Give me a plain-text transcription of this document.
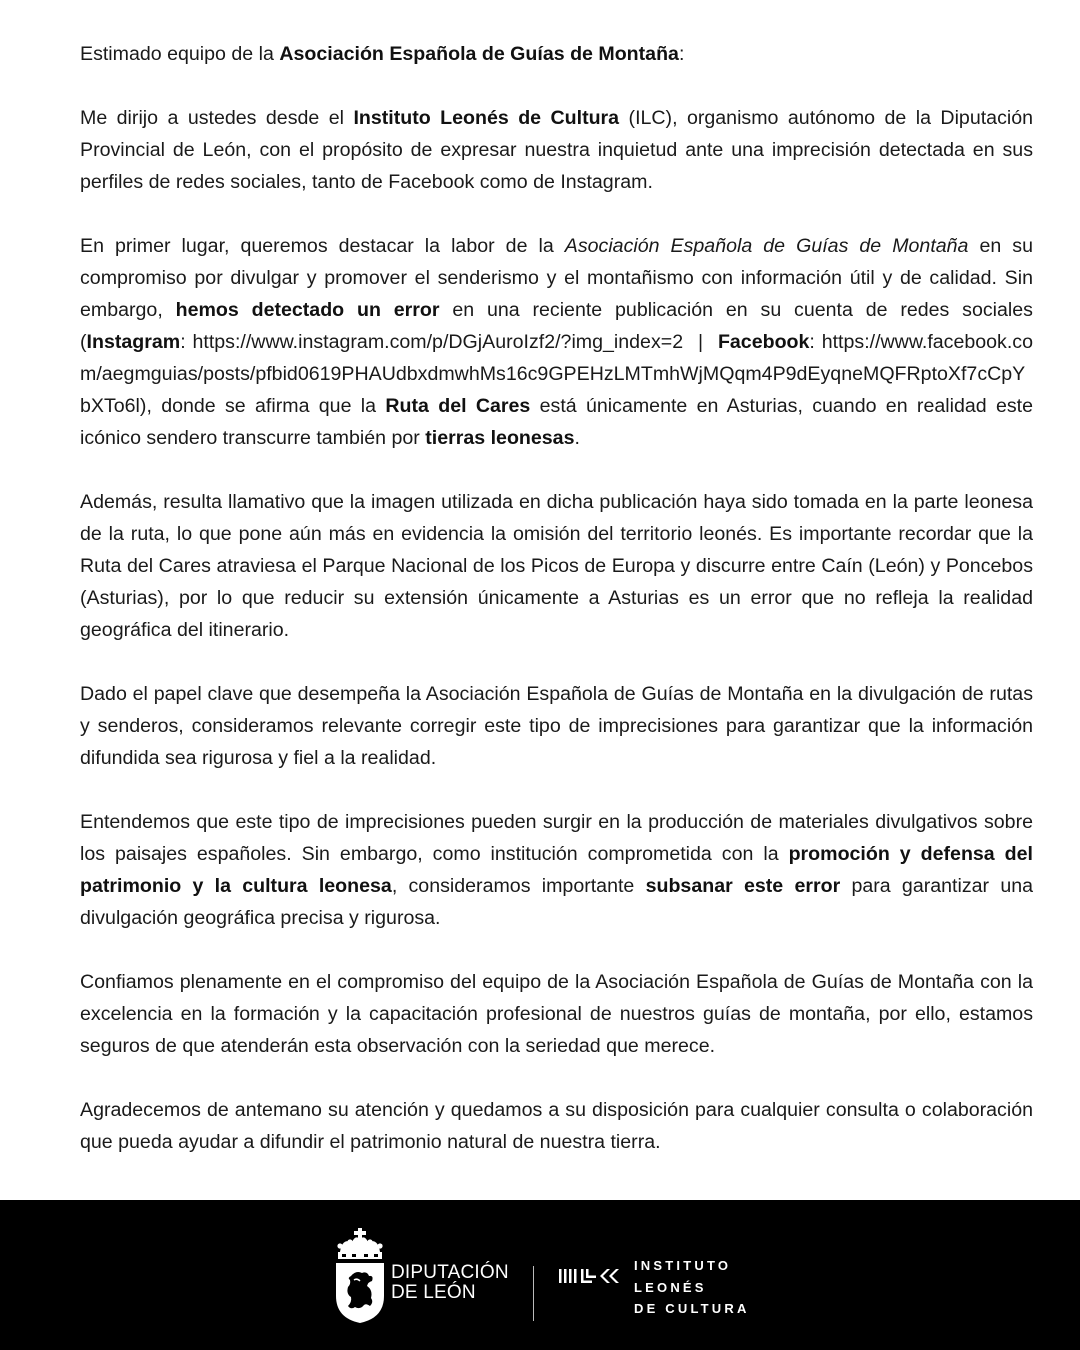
Estimado equipo de la Asociación Española de Guías de Montaña:

Me dirijo a ustedes desde el Instituto Leonés de Cultura (ILC), organismo autónomo de la Diputación Provincial de León, con el propósito de expresar nuestra inquietud ante una imprecisión detectada en sus perfiles de redes sociales, tanto de Facebook como de Instagram.

En primer lugar, queremos destacar la labor de la Asociación Española de Guías de Montaña en su compromiso por divulgar y promover el senderismo y el montañismo con información útil y de calidad. Sin embargo, hemos detectado un error en una reciente publicación en su cuenta de redes sociales (Instagram: https://www.instagram.com/p/DGjAuroIzf2/?img_index=2 | Facebook: https://www.facebook.com/aegmguias/posts/pfbid0619PHAUdbxdmwhMs16c9GPEHzLMTmhWjMQqm4P9dEyqneMQFRptoXf7cCpYbXTo6l), donde se afirma que la Ruta del Cares está únicamente en Asturias, cuando en realidad este icónico sendero transcurre también por tierras leonesas.

Además, resulta llamativo que la imagen utilizada en dicha publicación haya sido tomada en la parte leonesa de la ruta, lo que pone aún más en evidencia la omisión del territorio leonés. Es importante recordar que la Ruta del Cares atraviesa el Parque Nacional de los Picos de Europa y discurre entre Caín (León) y Poncebos (Asturias), por lo que reducir su extensión únicamente a Asturias es un error que no refleja la realidad geográfica del itinerario.

Dado el papel clave que desempeña la Asociación Española de Guías de Montaña en la divulgación de rutas y senderos, consideramos relevante corregir este tipo de imprecisiones para garantizar que la información difundida sea rigurosa y fiel a la realidad.

Entendemos que este tipo de imprecisiones pueden surgir en la producción de materiales divulgativos sobre los paisajes españoles. Sin embargo, como institución comprometida con la promoción y defensa del patrimonio y la cultura leonesa, consideramos importante subsanar este error para garantizar una divulgación geográfica precisa y rigurosa.

Confiamos plenamente en el compromiso del equipo de la Asociación Española de Guías de Montaña con la excelencia en la formación y la capacitación profesional de nuestros guías de montaña, por ello, estamos seguros de que atenderán esta observación con la seriedad que merece.

Agradecemos de antemano su atención y quedamos a su disposición para cualquier consulta o colaboración que pueda ayudar a difundir el patrimonio natural de nuestra tierra.

DIPUTACIÓN
DE LEÓN
INSTITUTO
LEONÉS
DE CULTURA
